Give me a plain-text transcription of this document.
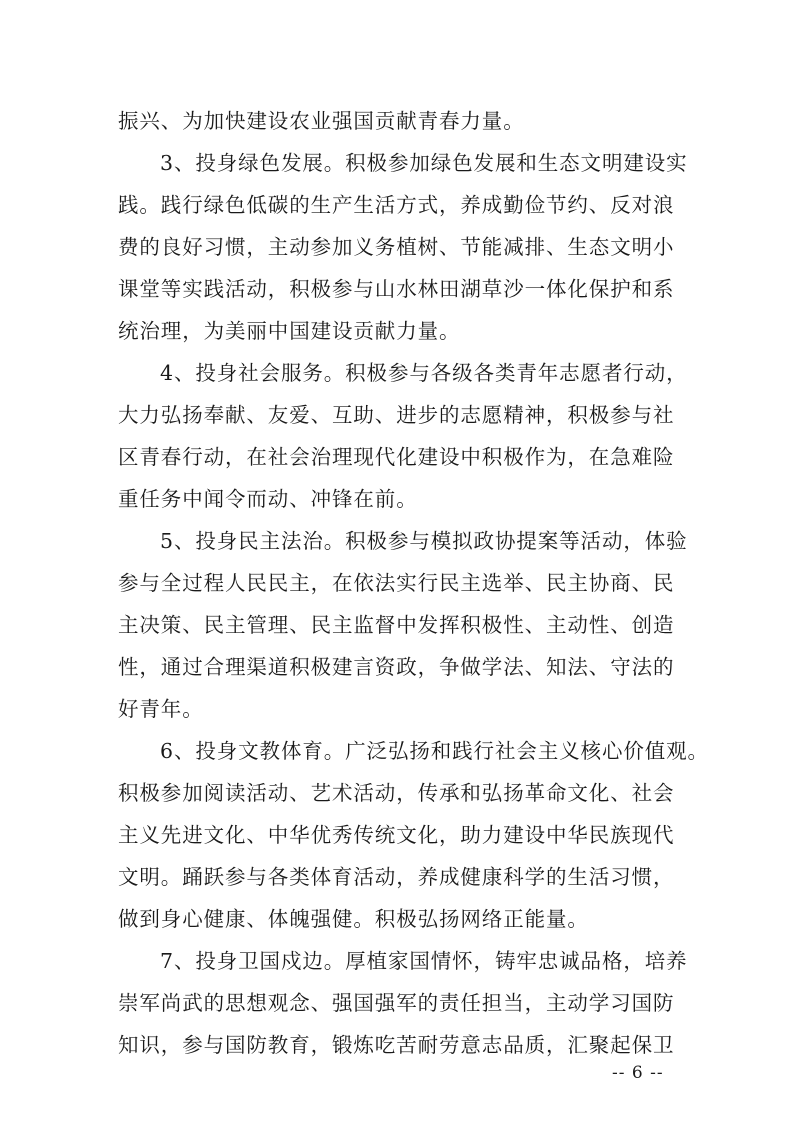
振兴、为加快建设农业强国贡献青春力量。
3、投身绿色发展。积极参加绿色发展和生态文明建设实
践。践行绿色低碳的生产生活方式，养成勤俭节约、反对浪
费的良好习惯，主动参加义务植树、节能减排、生态文明小
课堂等实践活动，积极参与山水林田湖草沙一体化保护和系
统治理，为美丽中国建设贡献力量。
4、投身社会服务。积极参与各级各类青年志愿者行动，
大力弘扬奉献、友爱、互助、进步的志愿精神，积极参与社
区青春行动，在社会治理现代化建设中积极作为，在急难险
重任务中闻令而动、冲锋在前。
5、投身民主法治。积极参与模拟政协提案等活动，体验
参与全过程人民民主，在依法实行民主选举、民主协商、民
主决策、民主管理、民主监督中发挥积极性、主动性、创造
性，通过合理渠道积极建言资政，争做学法、知法、守法的
好青年。
6、投身文教体育。广泛弘扬和践行社会主义核心价值观。
积极参加阅读活动、艺术活动，传承和弘扬革命文化、社会
主义先进文化、中华优秀传统文化，助力建设中华民族现代
文明。踊跃参与各类体育活动，养成健康科学的生活习惯，
做到身心健康、体魄强健。积极弘扬网络正能量。
7、投身卫国戍边。厚植家国情怀，铸牢忠诚品格，培养
崇军尚武的思想观念、强国强军的责任担当，主动学习国防
知识，参与国防教育，锻炼吃苦耐劳意志品质，汇聚起保卫
-- 6 --
